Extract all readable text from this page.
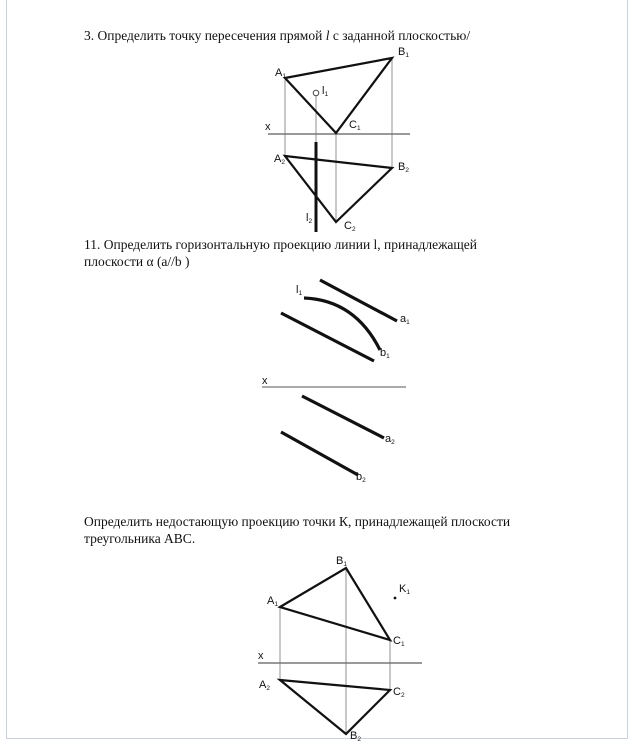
3. Определить точку пересечения прямой l с заданной плоскостью/

11. Определить горизонтальную проекцию линии l, принадлежащей
плоскости α (a//b )
Определить недостающую проекцию точки К, принадлежащей плоскости
треугольника АВС.
A1
B1
C1
l1
x
A2	B2
C2
l2
l1
a1
b1
x
a2
b2
B1
K1
A1
C1
x
A2	C2
B2
